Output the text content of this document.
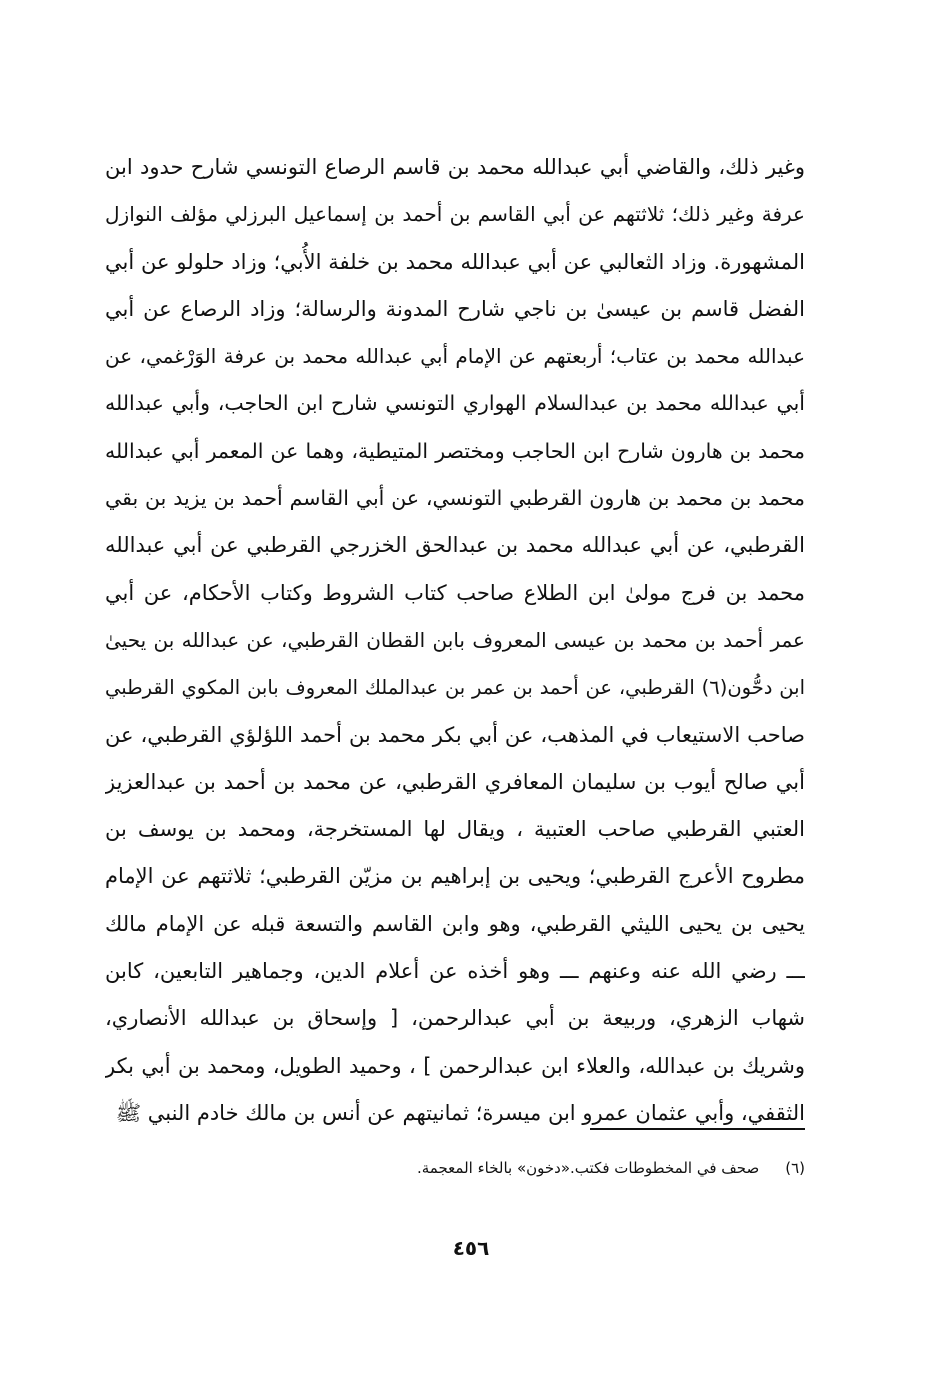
وغير ذلك، والقاضي أبي عبدالله محمد بن قاسم الرصاع التونسي شارح حدود ابن
عرفة وغير ذلك؛ ثلاثتهم عن أبي القاسم بن أحمد بن إسماعيل البرزلي مؤلف النوازل
المشهورة. وزاد الثعالبي عن أبي عبدالله محمد بن خلفة الأُبي؛ وزاد حلولو عن أبي
الفضل قاسم بن عيسىٰ بن ناجي شارح المدونة والرسالة؛ وزاد الرصاع عن أبي
عبدالله محمد بن عتاب؛ أربعتهم عن الإمام أبي عبدالله محمد بن عرفة الوَرْغمي، عن
أبي عبدالله محمد بن عبدالسلام الهواري التونسي شارح ابن الحاجب، وأبي عبدالله
محمد بن هارون شارح ابن الحاجب ومختصر المتيطية، وهما عن المعمر أبي عبدالله
محمد بن محمد بن هارون القرطبي التونسي، عن أبي القاسم أحمد بن يزيد بن بقي
القرطبي، عن أبي عبدالله محمد بن عبدالحق الخزرجي القرطبي عن أبي عبدالله
محمد بن فرج مولىٰ ابن الطلاع صاحب كتاب الشروط وكتاب الأحكام، عن أبي
عمر أحمد بن محمد بن عيسى المعروف بابن القطان القرطبي، عن عبدالله بن يحيىٰ
ابن دحُّون(٦) القرطبي، عن أحمد بن عمر بن عبدالملك المعروف بابن المكوي القرطبي
صاحب الاستيعاب في المذهب، عن أبي بكر محمد بن أحمد اللؤلؤي القرطبي، عن
أبي صالح أيوب بن سليمان المعافري القرطبي، عن محمد بن أحمد بن عبدالعزيز
العتبي القرطبي صاحب العتبية ، ويقال لها المستخرجة، ومحمد بن يوسف بن
مطروح الأعرج القرطبي؛ ويحيى بن إبراهيم بن مزيّن القرطبي؛ ثلاثتهم عن الإمام
يحيى بن يحيى الليثي القرطبي، وهو وابن القاسم والتسعة قبله عن الإمام مالك
ـــ رضي الله عنه وعنهم ـــ وهو أخذه عن أعلام الدين، وجماهير التابعين، كابن
شهاب الزهري، وربيعة بن أبي عبدالرحمن، [ وإسحاق بن عبدالله الأنصاري،
وشريك بن عبدالله، والعلاء ابن عبدالرحمن ] ، وحميد الطويل، ومحمد بن أبي بكر
الثقفي، وأبي عثمان عمرو ابن ميسرة؛ ثمانيتهم عن أنس بن مالك خادم النبي ﷺ
(٦)صحف في المخطوطات فكتب.«دخون» بالخاء المعجمة.
٤٥٦
